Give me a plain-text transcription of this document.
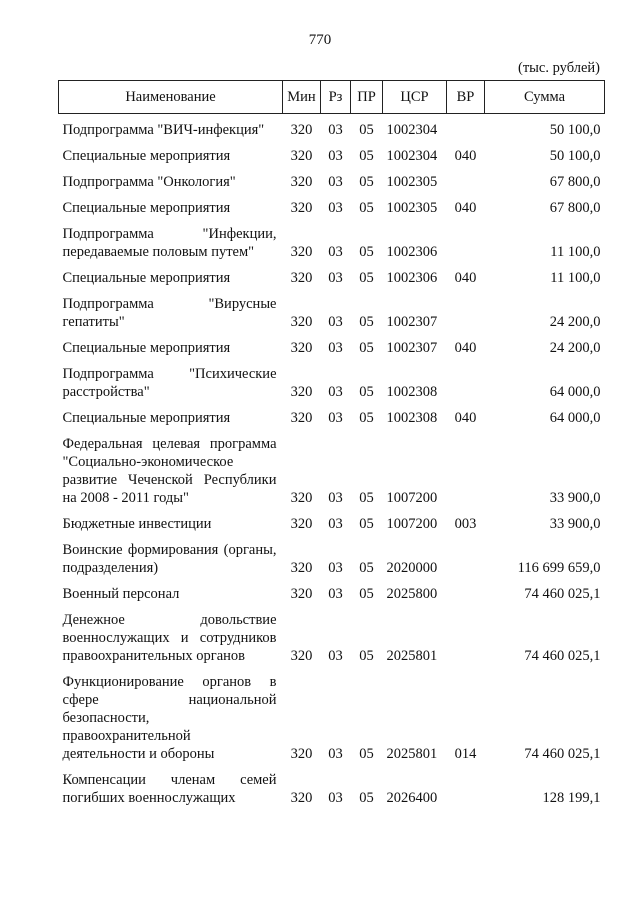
770
(тыс. рублей)
Наименование	Мин	Рз	ПР	ЦСР	ВР	Сумма
Подпрограмма "ВИЧ-инфекция"	320	03	05	1002304		50 100,0
Специальные мероприятия	320	03	05	1002304	040	50 100,0
Подпрограмма "Онкология"	320	03	05	1002305		67 800,0
Специальные мероприятия	320	03	05	1002305	040	67 800,0
Подпрограмма "Инфекции, передаваемые половым путем"	320	03	05	1002306		11 100,0
Специальные мероприятия	320	03	05	1002306	040	11 100,0
Подпрограмма "Вирусные гепатиты"	320	03	05	1002307		24 200,0
Специальные мероприятия	320	03	05	1002307	040	24 200,0
Подпрограмма "Психические расстройства"	320	03	05	1002308		64 000,0
Специальные мероприятия	320	03	05	1002308	040	64 000,0
Федеральная целевая программа "Социально-экономическое развитие Чеченской Республики на 2008 - 2011 годы"	320	03	05	1007200		33 900,0
Бюджетные инвестиции	320	03	05	1007200	003	33 900,0
Воинские формирования (органы, подразделения)	320	03	05	2020000		116 699 659,0
Военный персонал	320	03	05	2025800		74 460 025,1
Денежное довольствие военнослужащих и сотрудников правоохранительных органов	320	03	05	2025801		74 460 025,1
Функционирование органов в сфере национальной безопасности, правоохранительной деятельности и обороны	320	03	05	2025801	014	74 460 025,1
Компенсации членам семей погибших военнослужащих	320	03	05	2026400		128 199,1
